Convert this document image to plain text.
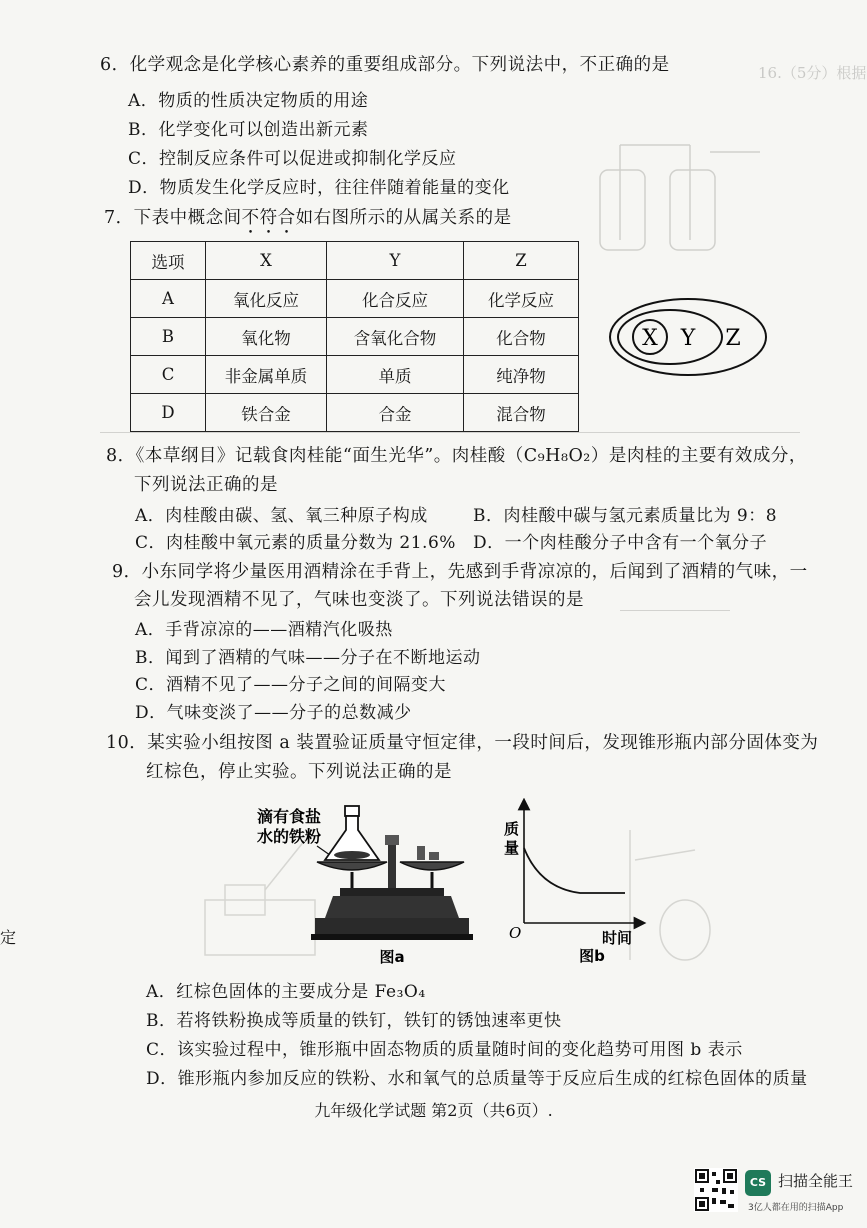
16.（5分）根据
6．化学观念是化学核心素养的重要组成部分。下列说法中，不正确的是
A．物质的性质决定物质的用途
B．化学变化可以创造出新元素
C．控制反应条件可以促进或抑制化学反应
D．物质发生化学反应时，往往伴随着能量的变化
7．下表中概念间不符合如右图所示的从属关系的是
选项	X	Y	Z
A	氧化反应	化合反应	化学反应
B	氧化物	含氧化合物	化合物
C	非金属单质	单质	纯净物
D	铁合金	合金	混合物
X Y Z
8．《本草纲目》记载食肉桂能“面生光华”。肉桂酸（C₉H₈O₂）是肉桂的主要有效成分，
下列说法正确的是
A．肉桂酸由碳、氢、氧三种原子构成	B．肉桂酸中碳与氢元素质量比为 9：8
C．肉桂酸中氧元素的质量分数为 21.6% D．一个肉桂酸分子中含有一个氧分子
9．小东同学将少量医用酒精涂在手背上，先感到手背凉凉的，后闻到了酒精的气味，一
会儿发现酒精不见了，气味也变淡了。下列说法错误的是
A．手背凉凉的——酒精汽化吸热
B．闻到了酒精的气味——分子在不断地运动
C．酒精不见了——分子之间的间隔变大
D．气味变淡了——分子的总数减少
10．某实验小组按图 a 装置验证质量守恒定律，一段时间后，发现锥形瓶内部分固体变为
红棕色，停止实验。下列说法正确的是
滴有食盐
水的铁粉
图a
质
量
O	时间
图b
A．红棕色固体的主要成分是 Fe₃O₄
B．若将铁粉换成等质量的铁钉，铁钉的锈蚀速率更快
C．该实验过程中，锥形瓶中固态物质的质量随时间的变化趋势可用图 b 表示
D．锥形瓶内参加反应的铁粉、水和氧气的总质量等于反应后生成的红棕色固体的质量
定
九年级化学试题 第2页（共6页）.
CS 扫描全能王
3亿人都在用的扫描App
